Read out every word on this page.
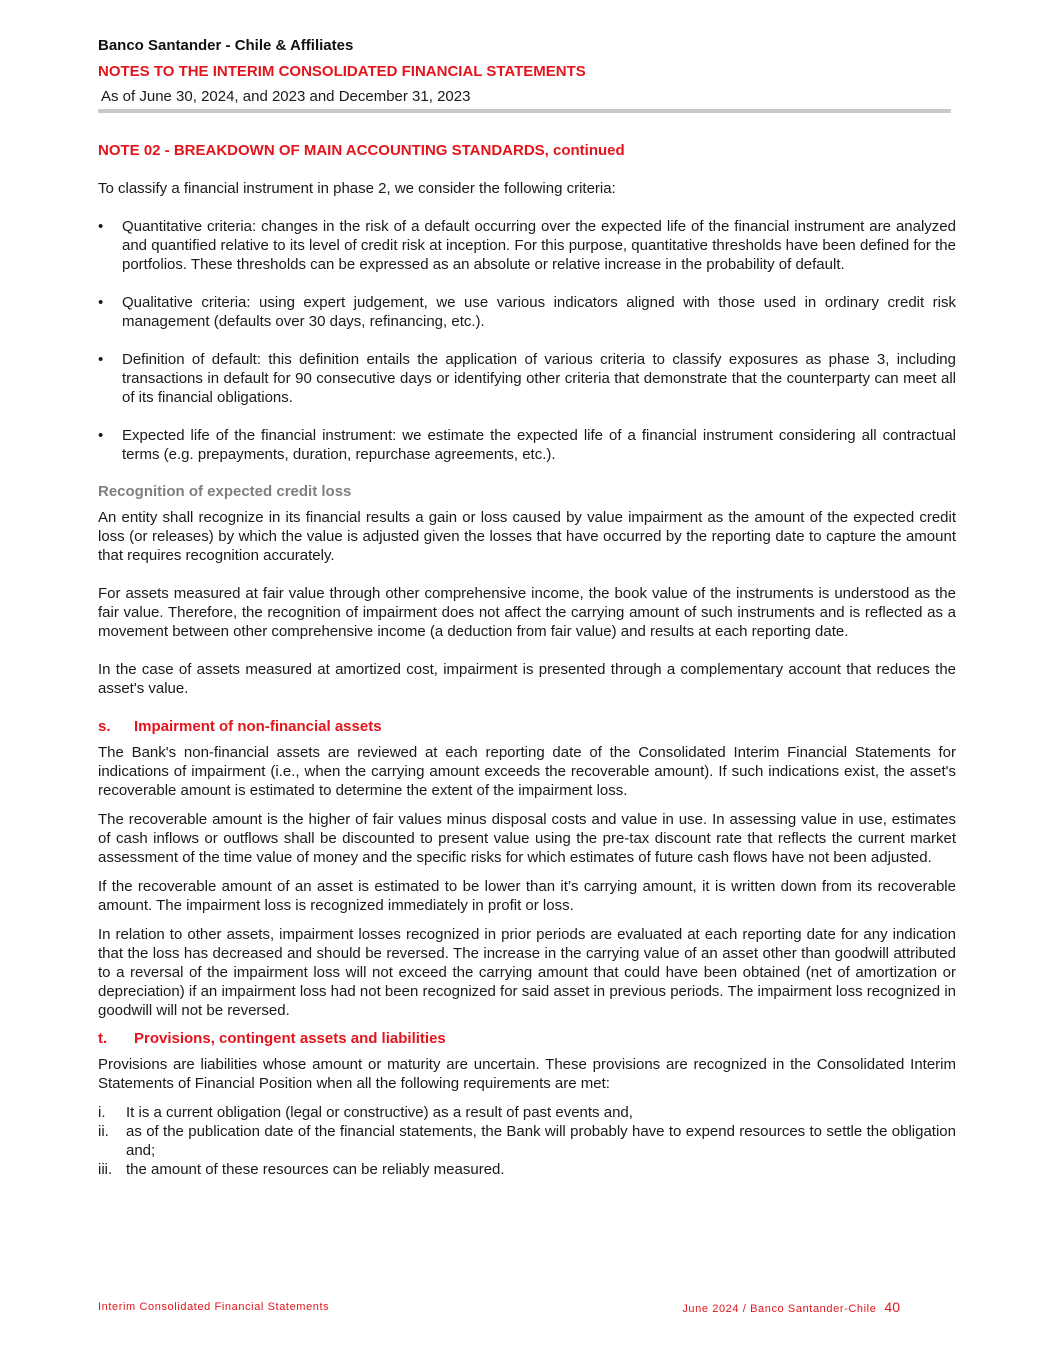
Banco Santander - Chile & Affiliates
NOTES TO THE INTERIM CONSOLIDATED FINANCIAL STATEMENTS
As of June 30, 2024, and 2023 and December 31, 2023
NOTE 02 - BREAKDOWN OF MAIN ACCOUNTING STANDARDS, continued

To classify a financial instrument in phase 2, we consider the following criteria:

• Quantitative criteria: changes in the risk of a default occurring over the expected life of the financial instrument are analyzed and quantified relative to its level of credit risk at inception. For this purpose, quantitative thresholds have been defined for the portfolios. These thresholds can be expressed as an absolute or relative increase in the probability of default.
• Qualitative criteria: using expert judgement, we use various indicators aligned with those used in ordinary credit risk management (defaults over 30 days, refinancing, etc.).
• Definition of default: this definition entails the application of various criteria to classify exposures as phase 3, including transactions in default for 90 consecutive days or identifying other criteria that demonstrate that the counterparty can meet all of its financial obligations.
• Expected life of the financial instrument: we estimate the expected life of a financial instrument considering all contractual terms (e.g. prepayments, duration, repurchase agreements, etc.).
Recognition of expected credit loss

An entity shall recognize in its financial results a gain or loss caused by value impairment as the amount of the expected credit loss (or releases) by which the value is adjusted given the losses that have occurred by the reporting date to capture the amount that requires recognition accurately.

For assets measured at fair value through other comprehensive income, the book value of the instruments is understood as the fair value. Therefore, the recognition of impairment does not affect the carrying amount of such instruments and is reflected as a movement between other comprehensive income (a deduction from fair value) and results at each reporting date.

In the case of assets measured at amortized cost, impairment is presented through a complementary account that reduces the asset's value.

s.	Impairment of non-financial assets

The Bank's non-financial assets are reviewed at each reporting date of the Consolidated Interim Financial Statements for indications of impairment (i.e., when the carrying amount exceeds the recoverable amount). If such indications exist, the asset's recoverable amount is estimated to determine the extent of the impairment loss.

The recoverable amount is the higher of fair values minus disposal costs and value in use. In assessing value in use, estimates of cash inflows or outflows shall be discounted to present value using the pre-tax discount rate that reflects the current market assessment of the time value of money and the specific risks for which estimates of future cash flows have not been adjusted.

If the recoverable amount of an asset is estimated to be lower than it’s carrying amount, it is written down from its recoverable amount. The impairment loss is recognized immediately in profit or loss.

In relation to other assets, impairment losses recognized in prior periods are evaluated at each reporting date for any indication that the loss has decreased and should be reversed. The increase in the carrying value of an asset other than goodwill attributed to a reversal of the impairment loss will not exceed the carrying amount that could have been obtained (net of amortization or depreciation) if an impairment loss had not been recognized for said asset in previous periods. The impairment loss recognized in goodwill will not be reversed.

t.	Provisions, contingent assets and liabilities

Provisions are liabilities whose amount or maturity are uncertain. These provisions are recognized in the Consolidated Interim Statements of Financial Position when all the following requirements are met:

i. It is a current obligation (legal or constructive) as a result of past events and,
ii. as of the publication date of the financial statements, the Bank will probably have to expend resources to settle the obligation and;
iii. the amount of these resources can be reliably measured.
Interim Consolidated Financial Statements	June 2024 / Banco Santander-Chile 40
